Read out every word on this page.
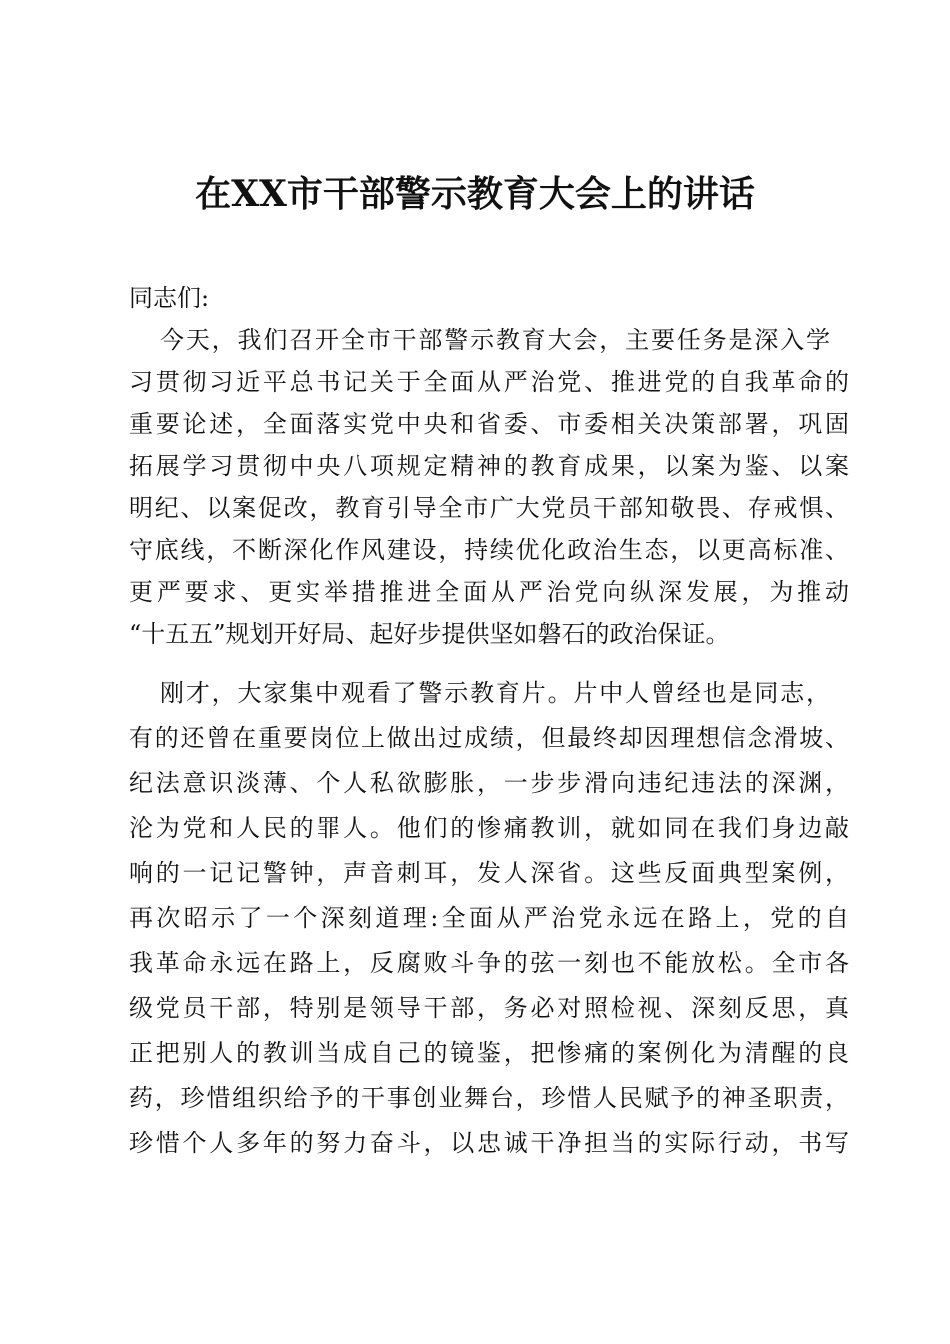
在XX市干部警示教育大会上的讲话
同志们:
今天，我们召开全市干部警示教育大会，主要任务是深入学
习贯彻习近平总书记关于全面从严治党、推进党的自我革命的
重要论述，全面落实党中央和省委、市委相关决策部署，巩固
拓展学习贯彻中央八项规定精神的教育成果，以案为鉴、以案
明纪、以案促改，教育引导全市广大党员干部知敬畏、存戒惧、
守底线，不断深化作风建设，持续优化政治生态，以更高标准、
更严要求、更实举措推进全面从严治党向纵深发展，为推动
“十五五”规划开好局、起好步提供坚如磐石的政治保证。
刚才，大家集中观看了警示教育片。片中人曾经也是同志，
有的还曾在重要岗位上做出过成绩，但最终却因理想信念滑坡、
纪法意识淡薄、个人私欲膨胀，一步步滑向违纪违法的深渊，
沦为党和人民的罪人。他们的惨痛教训，就如同在我们身边敲
响的一记记警钟，声音刺耳，发人深省。这些反面典型案例，
再次昭示了一个深刻道理:全面从严治党永远在路上，党的自
我革命永远在路上，反腐败斗争的弦一刻也不能放松。全市各
级党员干部，特别是领导干部，务必对照检视、深刻反思，真
正把别人的教训当成自己的镜鉴，把惨痛的案例化为清醒的良
药，珍惜组织给予的干事创业舞台，珍惜人民赋予的神圣职责，
珍惜个人多年的努力奋斗，以忠诚干净担当的实际行动，书写
